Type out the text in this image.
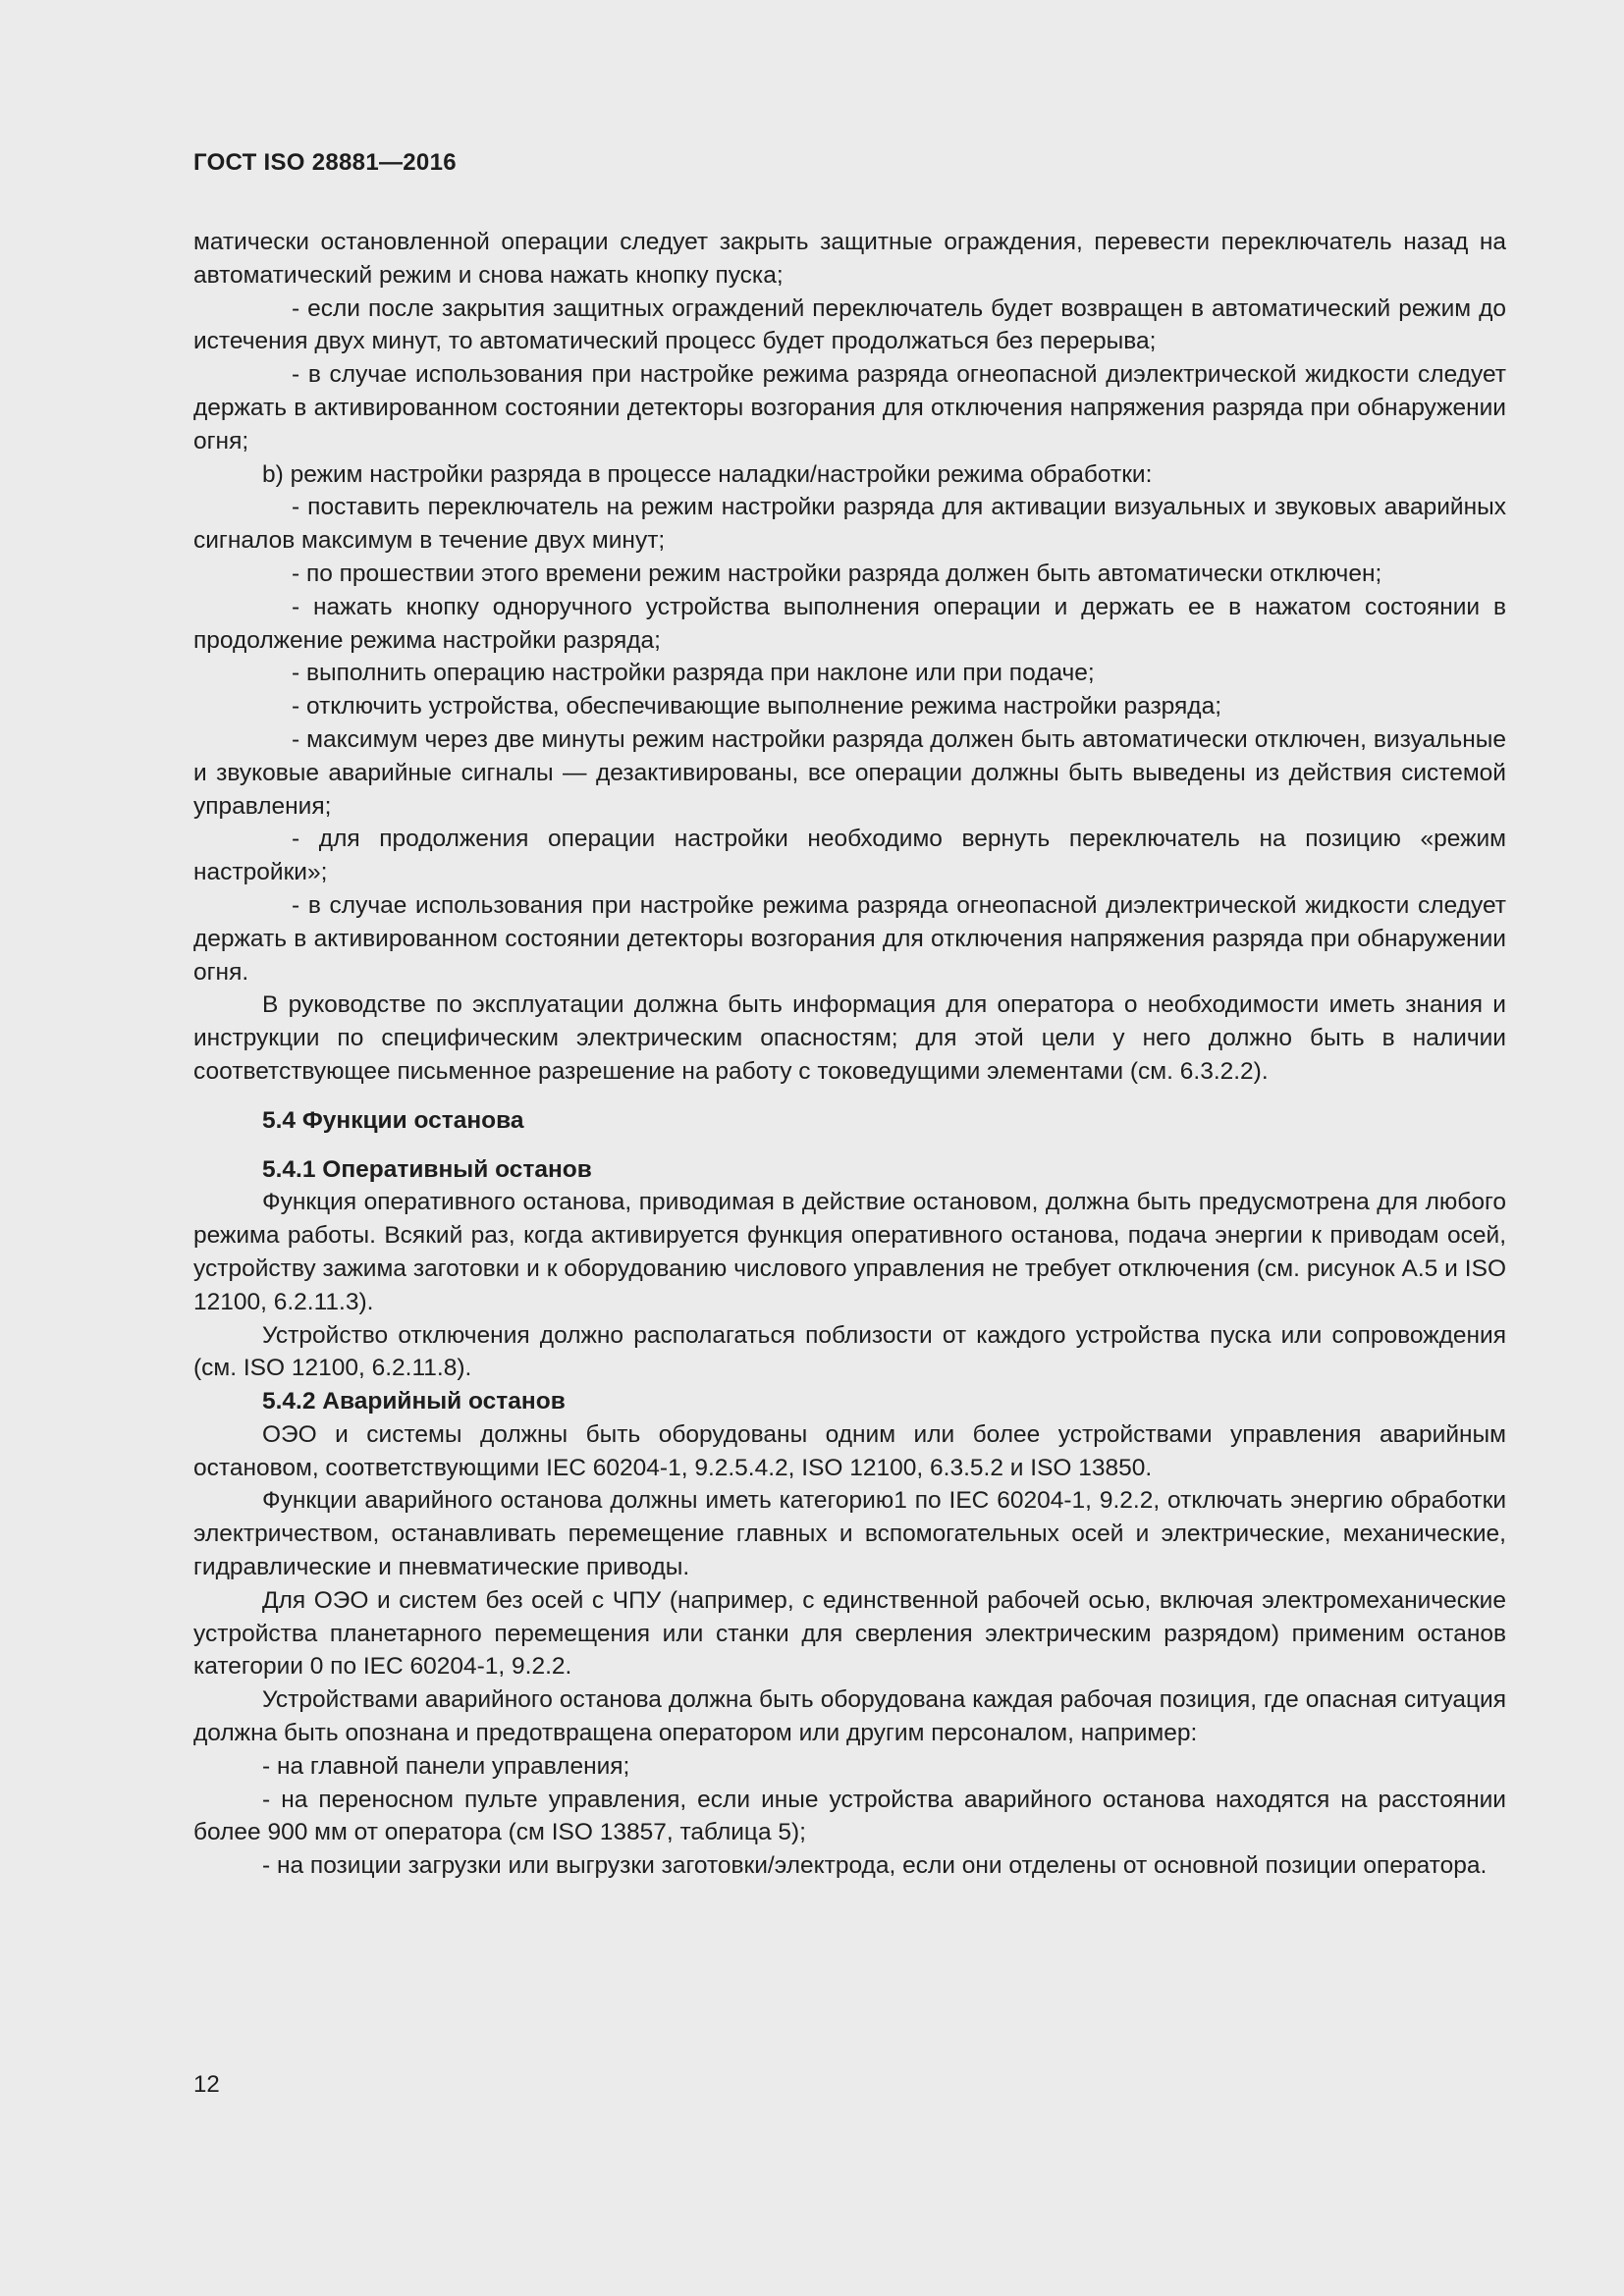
ГОСТ ISO 28881—2016

матически остановленной операции следует закрыть защитные ограждения, перевести переключатель назад на автоматический режим и снова нажать кнопку пуска;

- если после закрытия защитных ограждений переключатель будет возвращен в автоматический режим до истечения двух минут, то автоматический процесс будет продолжаться без перерыва;

- в случае использования при настройке режима разряда огнеопасной диэлектрической жидкости следует держать в активированном состоянии детекторы возгорания для отключения напряжения разряда при обнаружении огня;

b) режим настройки разряда в процессе наладки/настройки режима обработки:

- поставить переключатель на режим настройки разряда для активации визуальных и звуковых аварийных сигналов максимум в течение двух минут;

- по прошествии этого времени режим настройки разряда должен быть автоматически отключен;

- нажать кнопку одноручного устройства выполнения операции и держать ее в нажатом состоянии в продолжение режима настройки разряда;

- выполнить операцию настройки разряда при наклоне или при подаче;

- отключить устройства, обеспечивающие выполнение режима настройки разряда;

- максимум через две минуты режим настройки разряда должен быть автоматически отключен, визуальные и звуковые аварийные сигналы — дезактивированы, все операции должны быть выведены из действия системой управления;

- для продолжения операции настройки необходимо вернуть переключатель на позицию «режим настройки»;

- в случае использования при настройке режима разряда огнеопасной диэлектрической жидкости следует держать в активированном состоянии детекторы возгорания для отключения напряжения разряда при обнаружении огня.

В руководстве по эксплуатации должна быть информация для оператора о необходимости иметь знания и инструкции по специфическим электрическим опасностям; для этой цели у него должно быть в наличии соответствующее письменное разрешение на работу с токоведущими элементами (см. 6.3.2.2).

5.4 Функции останова

5.4.1 Оперативный останов

Функция оперативного останова, приводимая в действие остановом, должна быть предусмотрена для любого режима работы. Всякий раз, когда активируется функция оперативного останова, подача энергии к приводам осей, устройству зажима заготовки и к оборудованию числового управления не требует отключения (см. рисунок А.5 и ISO 12100, 6.2.11.3).

Устройство отключения должно располагаться поблизости от каждого устройства пуска или сопровождения (см. ISO 12100, 6.2.11.8).

5.4.2 Аварийный останов

ОЭО и системы должны быть оборудованы одним или более устройствами управления аварийным остановом, соответствующими IEC 60204-1, 9.2.5.4.2, ISO 12100, 6.3.5.2 и ISO 13850.

Функции аварийного останова должны иметь категорию1 по IEC 60204-1, 9.2.2, отключать энергию обработки электричеством, останавливать перемещение главных и вспомогательных осей и электрические, механические, гидравлические и пневматические приводы.

Для ОЭО и систем без осей с ЧПУ (например, с единственной рабочей осью, включая электромеханические устройства планетарного перемещения или станки для сверления электрическим разрядом) применим останов категории 0 по IEC 60204-1, 9.2.2.

Устройствами аварийного останова должна быть оборудована каждая рабочая позиция, где опасная ситуация должна быть опознана и предотвращена оператором или другим персоналом, например:

- на главной панели управления;

- на переносном пульте управления, если иные устройства аварийного останова находятся на расстоянии более 900 мм от оператора (см ISO 13857, таблица 5);

- на позиции загрузки или выгрузки заготовки/электрода, если они отделены от основной позиции оператора.

12
